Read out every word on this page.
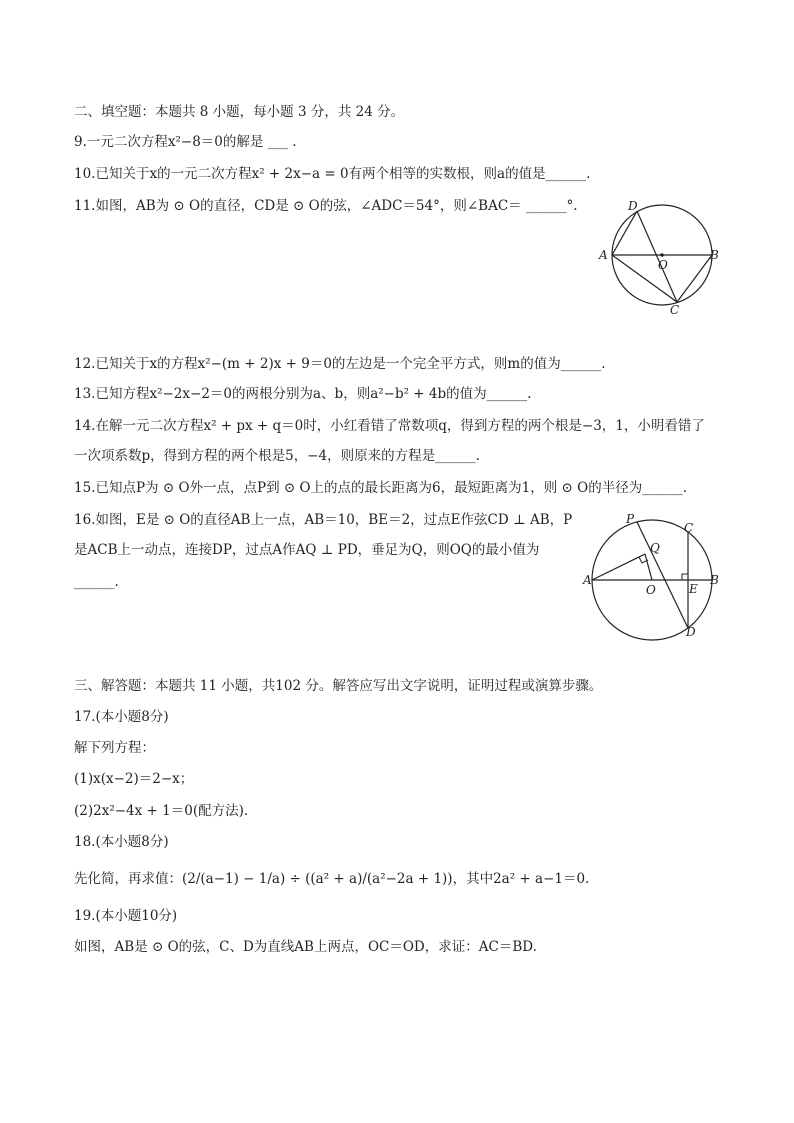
二、填空题：本题共 8 小题，每小题 3 分，共 24 分。
9.一元二次方程x²−8＝0的解是 ___ .
10.已知关于x的一元二次方程x² + 2x−a = 0有两个相等的实数根，则a的值是______.
11.如图，AB为 ⊙ O的直径，CD是 ⊙ O的弦，∠ADC＝54°，则∠BAC＝ ______°.	D
A
O
B
C
12.已知关于x的方程x²−(m + 2)x + 9＝0的左边是一个完全平方式，则m的值为______.
13.已知方程x²−2x−2＝0的两根分别为a、b，则a²−b² + 4b的值为______.
14.在解一元二次方程x² + px + q＝0时，小红看错了常数项q，得到方程的两个根是−3，1，小明看错了
一次项系数p，得到方程的两个根是5，−4，则原来的方程是______.
15.已知点P为 ⊙ O外一点，点P到 ⊙ O上的点的最长距离为6，最短距离为1，则 ⊙ O的半径为______.
16.如图，E是 ⊙ O的直径AB上一点，AB＝10，BE＝2，过点E作弦CD ⊥ AB，P
是ACB上一动点，连接DP，过点A作AQ ⊥ PD，垂足为Q，则OQ的最小值为
______.
P
Q
C
A	B
O	E
D
三、解答题：本题共 11 小题，共102 分。解答应写出文字说明，证明过程或演算步骤。
17.(本小题8分)
解下列方程：
(1)x(x−2)＝2−x；
(2)2x²−4x + 1＝0(配方法).
18.(本小题8分)
先化简，再求值：(2/(a−1) − 1/a) ÷ ((a² + a)/(a²−2a + 1))，其中2a² + a−1＝0.
19.(本小题10分)
如图，AB是 ⊙ O的弦，C、D为直线AB上两点，OC＝OD，求证：AC＝BD.
